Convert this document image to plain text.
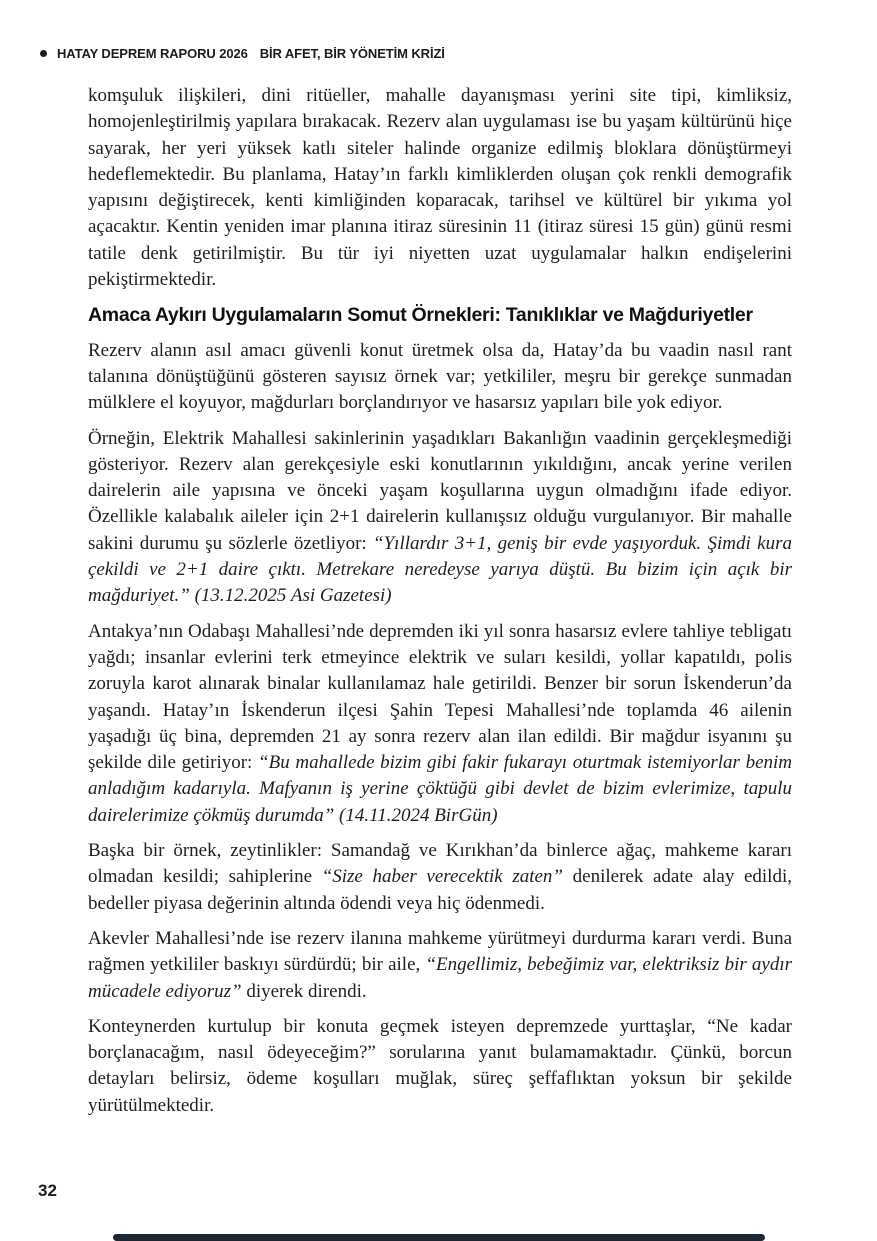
HATAY DEPREM RAPORU 2026 BİR AFET, BİR YÖNETİM KRİZİ

komşuluk ilişkileri, dini ritüeller, mahalle dayanışması yerini site tipi, kimliksiz, homojenleştirilmiş yapılara bırakacak. Rezerv alan uygulaması ise bu yaşam kültürünü hiçe sayarak, her yeri yüksek katlı siteler halinde organize edilmiş bloklara dönüştürmeyi hedeflemektedir. Bu planlama, Hatay’ın farklı kimliklerden oluşan çok renkli demografik yapısını değiştirecek, kenti kimliğinden koparacak, tarihsel ve kültürel bir yıkıma yol açacaktır. Kentin yeniden imar planına itiraz süresinin 11 (itiraz süresi 15 gün) günü resmi tatile denk getirilmiştir. Bu tür iyi niyetten uzat uygulamalar halkın endişelerini pekiştirmektedir.

Amaca Aykırı Uygulamaların Somut Örnekleri: Tanıklıklar ve Mağduriyetler

Rezerv alanın asıl amacı güvenli konut üretmek olsa da, Hatay’da bu vaadin nasıl rant talanına dönüştüğünü gösteren sayısız örnek var; yetkililer, meşru bir gerekçe sunmadan mülklere el koyuyor, mağdurları borçlandırıyor ve hasarsız yapıları bile yok ediyor.

Örneğin, Elektrik Mahallesi sakinlerinin yaşadıkları Bakanlığın vaadinin gerçekleşmediği gösteriyor. Rezerv alan gerekçesiyle eski konutlarının yıkıldığını, ancak yerine verilen dairelerin aile yapısına ve önceki yaşam koşullarına uygun olmadığını ifade ediyor. Özellikle kalabalık aileler için 2+1 dairelerin kullanışsız olduğu vurgulanıyor. Bir mahalle sakini durumu şu sözlerle özetliyor: “Yıllardır 3+1, geniş bir evde yaşıyorduk. Şimdi kura çekildi ve 2+1 daire çıktı. Metrekare neredeyse yarıya düştü. Bu bizim için açık bir mağduriyet.” (13.12.2025 Asi Gazetesi)

Antakya’nın Odabaşı Mahallesi’nde depremden iki yıl sonra hasarsız evlere tahliye tebligatı yağdı; insanlar evlerini terk etmeyince elektrik ve suları kesildi, yollar kapatıldı, polis zoruyla karot alınarak binalar kullanılamaz hale getirildi. Benzer bir sorun İskenderun’da yaşandı. Hatay’ın İskenderun ilçesi Şahin Tepesi Mahallesi’nde toplamda 46 ailenin yaşadığı üç bina, depremden 21 ay sonra rezerv alan ilan edildi. Bir mağdur isyanını şu şekilde dile getiriyor: “Bu mahallede bizim gibi fakir fukarayı oturtmak istemiyorlar benim anladığım kadarıyla. Mafyanın iş yerine çöktüğü gibi devlet de bizim evlerimize, tapulu dairelerimize çökmüş durumda” (14.11.2024 BirGün)

Başka bir örnek, zeytinlikler: Samandağ ve Kırıkhan’da binlerce ağaç, mahkeme kararı olmadan kesildi; sahiplerine “Size haber verecektik zaten” denilerek adate alay edildi, bedeller piyasa değerinin altında ödendi veya hiç ödenmedi.

Akevler Mahallesi’nde ise rezerv ilanına mahkeme yürütmeyi durdurma kararı verdi. Buna rağmen yetkililer baskıyı sürdürdü; bir aile, “Engellimiz, bebeğimiz var, elektriksiz bir aydır mücadele ediyoruz” diyerek direndi.

Konteynerden kurtulup bir konuta geçmek isteyen depremzede yurttaşlar, “Ne kadar borçlanacağım, nasıl ödeyeceğim?” sorularına yanıt bulamamaktadır. Çünkü, borcun detayları belirsiz, ödeme koşulları muğlak, süreç şeffaflıktan yoksun bir şekilde yürütülmektedir.

32
